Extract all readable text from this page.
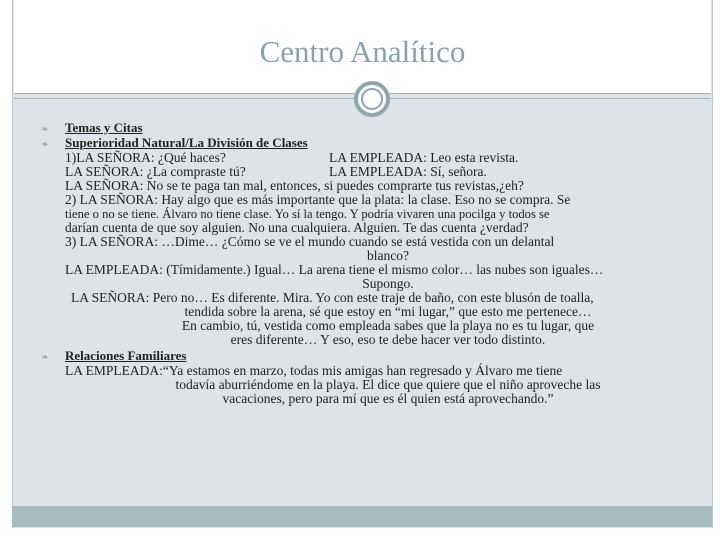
Centro Analítico
❧	Temas y Citas
❧	Superioridad Natural/La División de Clases
1)LA SEÑORA: ¿Qué haces?	LA EMPLEADA: Leo esta revista.
LA SEÑORA: ¿La compraste tú?	LA EMPLEADA: Sí, señora.
LA SEÑORA: No se te paga tan mal, entonces, si puedes comprarte tus revistas,¿eh?
2) LA SEÑORA: Hay algo que es más importante que la plata: la clase. Eso no se compra. Se
tiene o no se tiene. Álvaro no tiene clase. Yo sí la tengo. Y podría vivaren una pocilga y todos se
darían cuenta de que soy alguien. No una cualquiera. Alguien. Te das cuenta ¿verdad?
3) LA SEÑORA: …Dime… ¿Cómo se ve el mundo cuando se está vestida con un delantal
blanco?
LA EMPLEADA: (Tímidamente.) Igual… La arena tiene el mismo color… las nubes son iguales…
Supongo.
LA SEÑORA: Pero no… Es diferente. Mira. Yo con este traje de baño, con este blusón de toalla,
tendida sobre la arena, sé que estoy en “mi lugar,” que esto me pertenece…
En cambio, tú, vestida como empleada sabes que la playa no es tu lugar, que
eres diferente… Y eso, eso te debe hacer ver todo distinto.
❧	Relaciones Familiares
LA EMPLEADA:“Ya estamos en marzo, todas mis amigas han regresado y Álvaro me tiene
todavía aburriéndome en la playa. El dice que quiere que el niño aproveche las
vacaciones, pero para mí que es él quien está aprovechando.”
